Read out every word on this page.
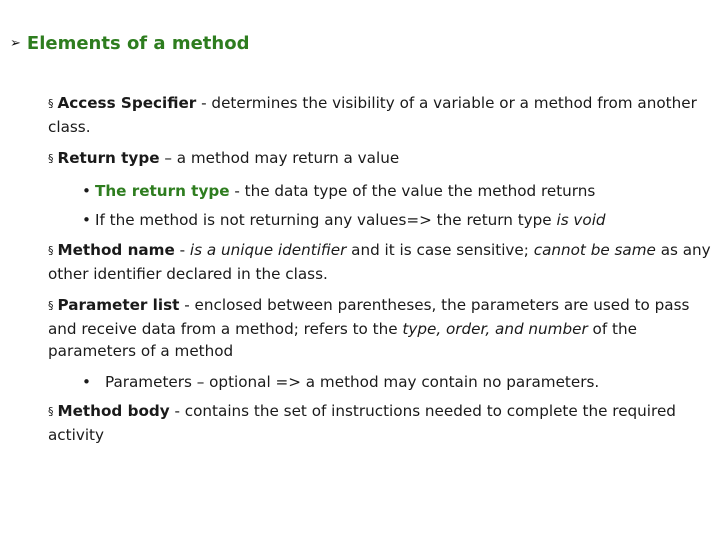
➢ Elements of a method

§ Access Specifier - determines the visibility of a variable or a method from another class.

§ Return type – a method may return a value

• The return type - the data type of the value the method returns

• If the method is not returning any values=> the return type is void

§ Method name - is a unique identifier and it is case sensitive; cannot be same as any other identifier declared in the class.

§ Parameter list - enclosed between parentheses, the parameters are used to pass and receive data from a method; refers to the type, order, and number of the parameters of a method

• Parameters – optional => a method may contain no parameters.

§ Method body - contains the set of instructions needed to complete the required activity
